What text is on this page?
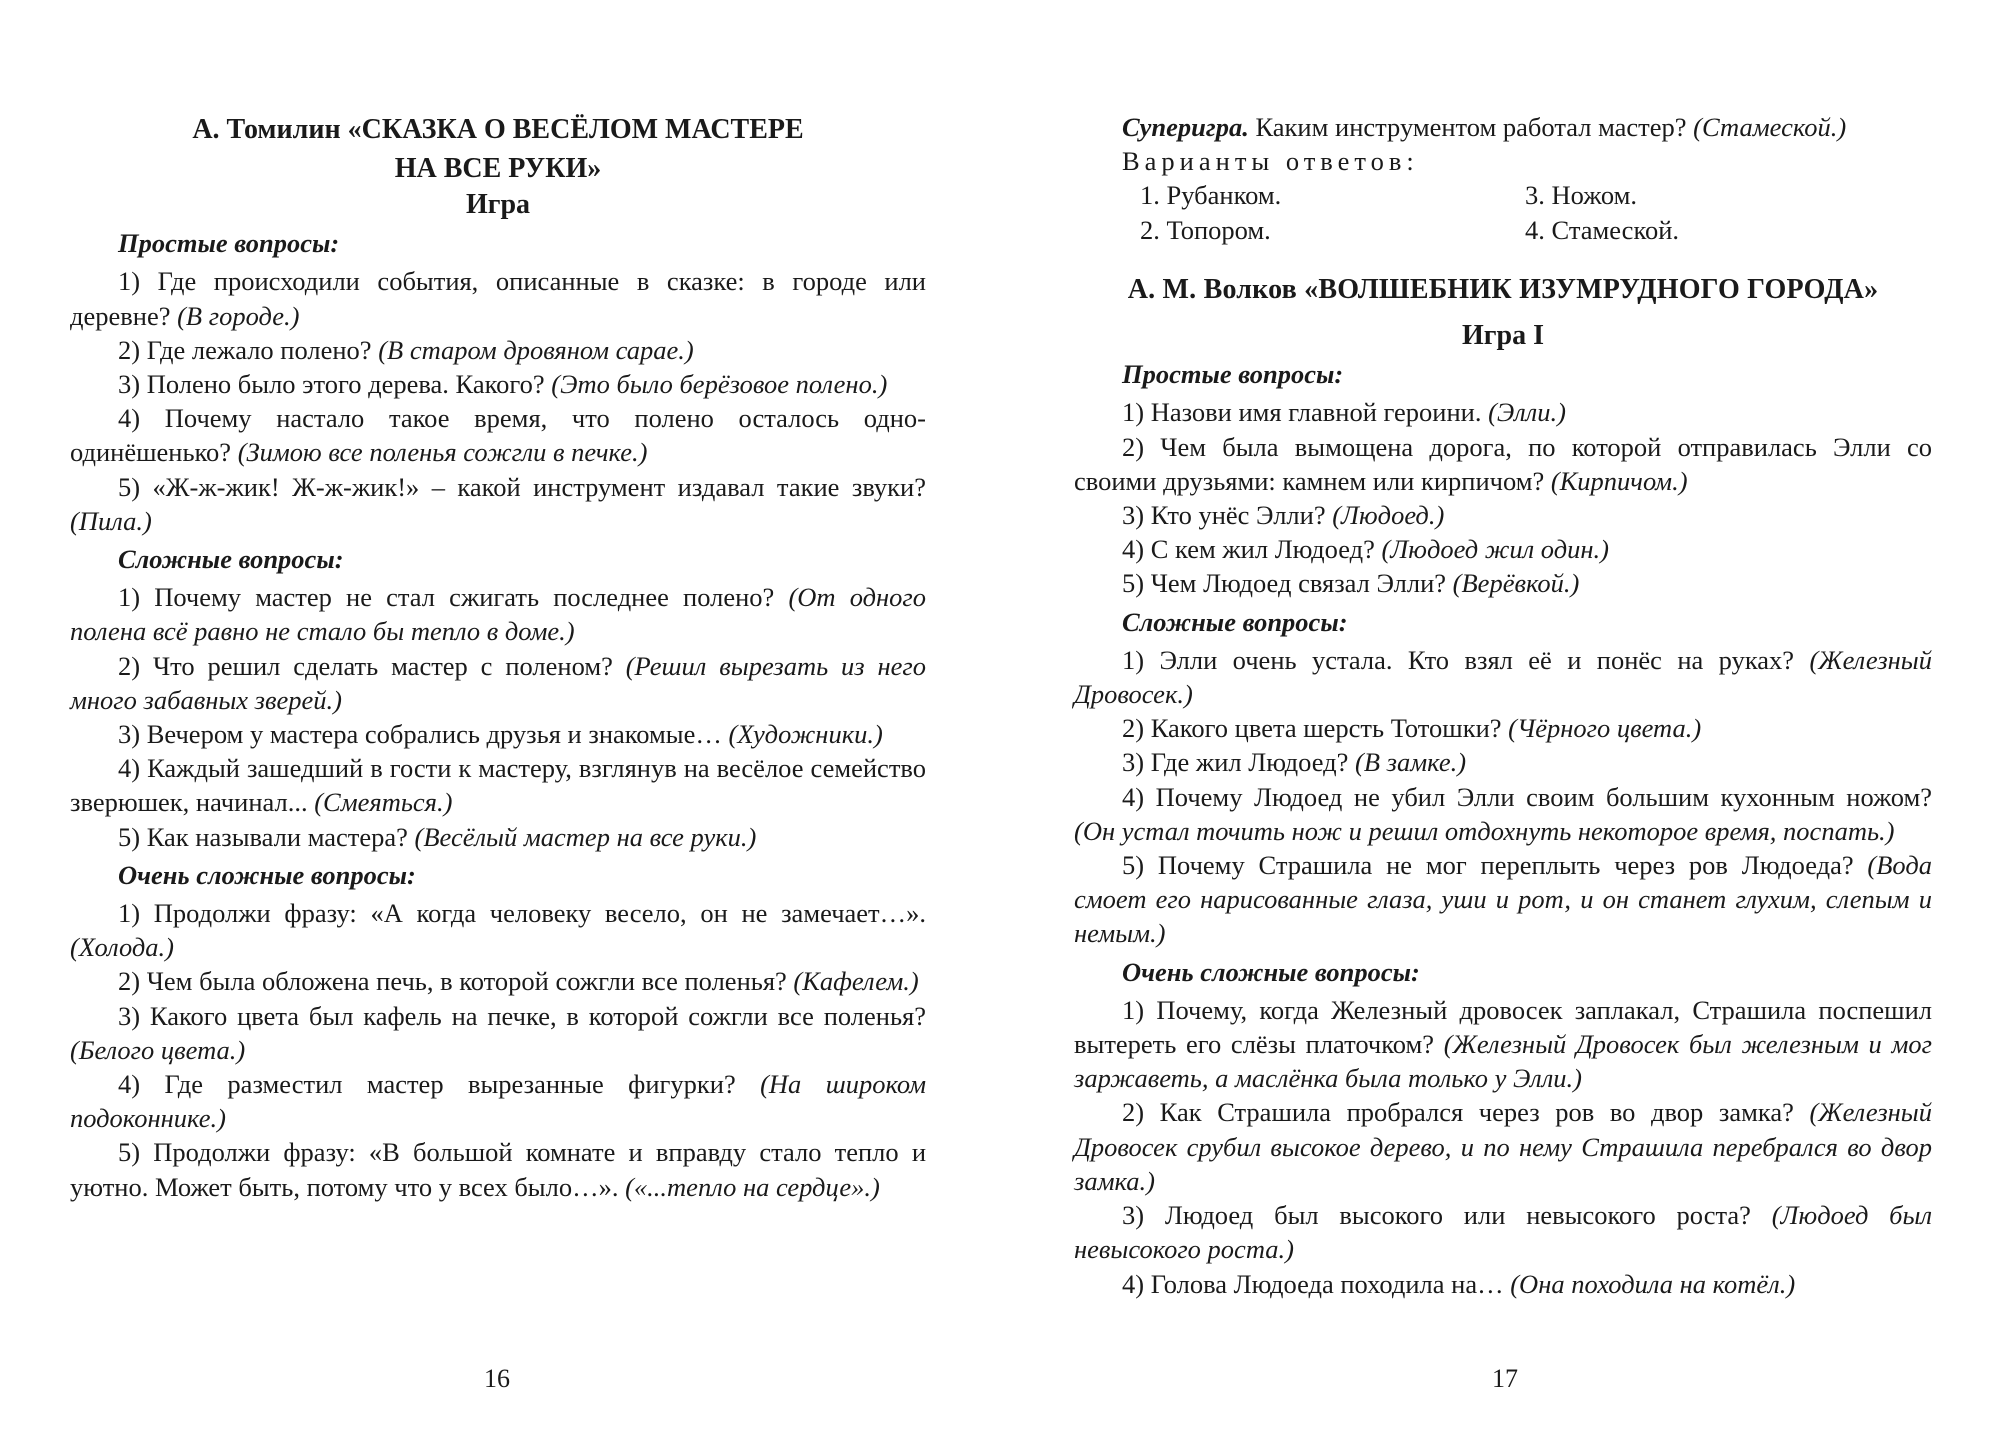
А. Томилин «СКАЗКА О ВЕСЁЛОМ МАСТЕРЕ
НА ВСЕ РУКИ»

Игра

Простые вопросы:

1) Где происходили события, описанные в сказке: в городе или деревне? (В городе.)

2) Где лежало полено? (В старом дровяном сарае.)

3) Полено было этого дерева. Какого? (Это было берёзовое полено.)

4) Почему настало такое время, что полено осталось одно-одинёшенько? (Зимою все поленья сожгли в печке.)

5) «Ж-ж-жик! Ж-ж-жик!» – какой инструмент издавал такие звуки? (Пила.)

Сложные вопросы:

1) Почему мастер не стал сжигать последнее полено? (От одного полена всё равно не стало бы тепло в доме.)

2) Что решил сделать мастер с поленом? (Решил вырезать из него много забавных зверей.)

3) Вечером у мастера собрались друзья и знакомые… (Художники.)

4) Каждый зашедший в гости к мастеру, взглянув на весёлое семейство зверюшек, начинал... (Смеяться.)

5) Как называли мастера? (Весёлый мастер на все руки.)

Очень сложные вопросы:

1) Продолжи фразу: «А когда человеку весело, он не замечает…». (Холода.)

2) Чем была обложена печь, в которой сожгли все поленья? (Кафелем.)

3) Какого цвета был кафель на печке, в которой сожгли все поленья? (Белого цвета.)

4) Где разместил мастер вырезанные фигурки? (На широком подоконнике.)

5) Продолжи фразу: «В большой комнате и вправду стало тепло и уютно. Может быть, потому что у всех было…». («...тепло на сердце».)

16

Суперигра. Каким инструментом работал мастер? (Стамеской.)

Варианты ответов:

1. Рубанком.	3. Ножом.
2. Топором.	4. Стамеской.

А. М. Волков «ВОЛШЕБНИК ИЗУМРУДНОГО ГОРОДА»

Игра I

Простые вопросы:

1) Назови имя главной героини. (Элли.)

2) Чем была вымощена дорога, по которой отправилась Элли со своими друзьями: камнем или кирпичом? (Кирпичом.)

3) Кто унёс Элли? (Людоед.)

4) С кем жил Людоед? (Людоед жил один.)

5) Чем Людоед связал Элли? (Верёвкой.)

Сложные вопросы:

1) Элли очень устала. Кто взял её и понёс на руках? (Железный Дровосек.)

2) Какого цвета шерсть Тотошки? (Чёрного цвета.)

3) Где жил Людоед? (В замке.)

4) Почему Людоед не убил Элли своим большим кухонным ножом? (Он устал точить нож и решил отдохнуть некоторое время, поспать.)

5) Почему Страшила не мог переплыть через ров Людоеда? (Вода смоет его нарисованные глаза, уши и рот, и он станет глухим, слепым и немым.)

Очень сложные вопросы:

1) Почему, когда Железный дровосек заплакал, Страшила поспешил вытереть его слёзы платочком? (Железный Дровосек был железным и мог заржаветь, а маслёнка была только у Элли.)

2) Как Страшила пробрался через ров во двор замка? (Железный Дровосек срубил высокое дерево, и по нему Страшила перебрался во двор замка.)

3) Людоед был высокого или невысокого роста? (Людоед был невысокого роста.)

4) Голова Людоеда походила на… (Она походила на котёл.)

17
